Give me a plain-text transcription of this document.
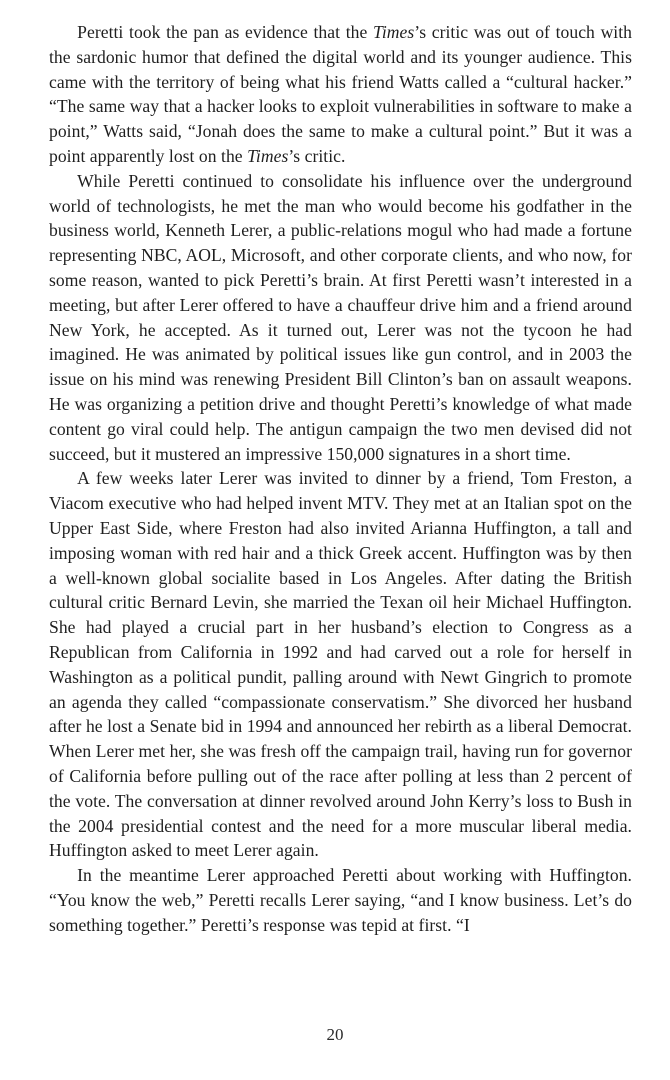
Peretti took the pan as evidence that the Times’s critic was out of touch with the sardonic humor that defined the digital world and its younger audience. This came with the territory of being what his friend Watts called a “cultural hacker.” “The same way that a hacker looks to exploit vulnerabilities in software to make a point,” Watts said, “Jonah does the same to make a cultural point.” But it was a point apparently lost on the Times’s critic.

While Peretti continued to consolidate his influence over the underground world of technologists, he met the man who would become his godfather in the business world, Kenneth Lerer, a public-relations mogul who had made a fortune representing NBC, AOL, Microsoft, and other corporate clients, and who now, for some reason, wanted to pick Peretti’s brain. At first Peretti wasn’t interested in a meeting, but after Lerer offered to have a chauffeur drive him and a friend around New York, he accepted. As it turned out, Lerer was not the tycoon he had imagined. He was animated by political issues like gun control, and in 2003 the issue on his mind was renewing President Bill Clinton’s ban on assault weapons. He was organizing a petition drive and thought Peretti’s knowledge of what made content go viral could help. The antigun campaign the two men devised did not succeed, but it mustered an impressive 150,000 signatures in a short time.

A few weeks later Lerer was invited to dinner by a friend, Tom Freston, a Viacom executive who had helped invent MTV. They met at an Italian spot on the Upper East Side, where Freston had also invited Arianna Huffington, a tall and imposing woman with red hair and a thick Greek accent. Huffington was by then a well-known global socialite based in Los Angeles. After dating the British cultural critic Bernard Levin, she married the Texan oil heir Michael Huffington. She had played a crucial part in her husband’s election to Congress as a Republican from California in 1992 and had carved out a role for herself in Washington as a political pundit, palling around with Newt Gingrich to promote an agenda they called “compassionate conservatism.” She divorced her husband after he lost a Senate bid in 1994 and announced her rebirth as a liberal Democrat. When Lerer met her, she was fresh off the campaign trail, having run for governor of California before pulling out of the race after polling at less than 2 percent of the vote. The conversation at dinner revolved around John Kerry’s loss to Bush in the 2004 presidential contest and the need for a more muscular liberal media. Huffington asked to meet Lerer again.

In the meantime Lerer approached Peretti about working with Huffington. “You know the web,” Peretti recalls Lerer saying, “and I know business. Let’s do something together.” Peretti’s response was tepid at first. “I

20
